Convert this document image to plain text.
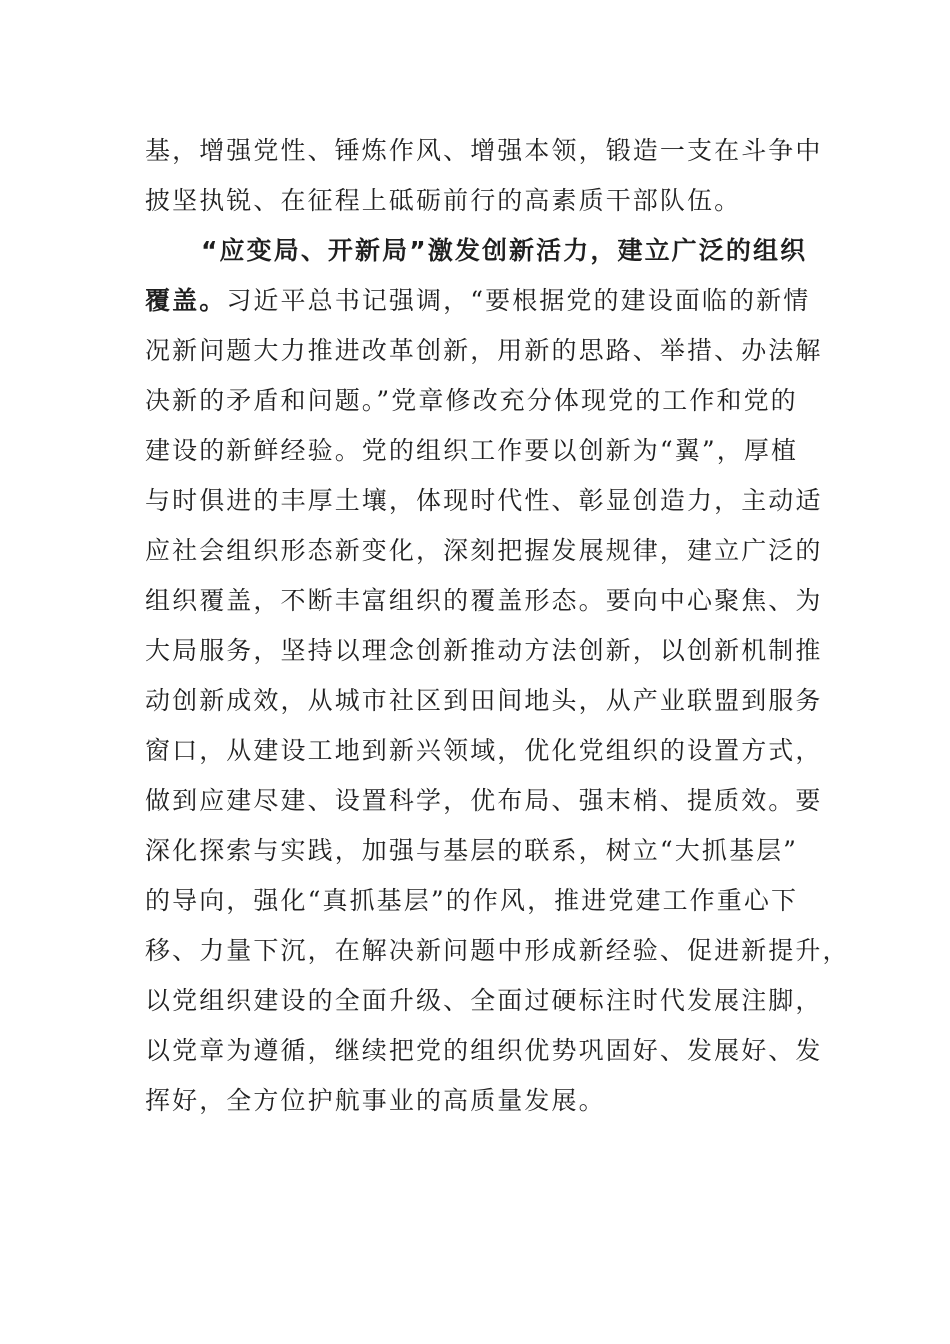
基，增强党性、锤炼作风、增强本领，锻造一支在斗争中
披坚执锐、在征程上砥砺前行的高素质干部队伍。
“应变局、开新局”激发创新活力，建立广泛的组织
覆盖。习近平总书记强调，“要根据党的建设面临的新情
况新问题大力推进改革创新，用新的思路、举措、办法解
决新的矛盾和问题。”党章修改充分体现党的工作和党的
建设的新鲜经验。党的组织工作要以创新为“翼”，厚植
与时俱进的丰厚土壤，体现时代性、彰显创造力，主动适
应社会组织形态新变化，深刻把握发展规律，建立广泛的
组织覆盖，不断丰富组织的覆盖形态。要向中心聚焦、为
大局服务，坚持以理念创新推动方法创新，以创新机制推
动创新成效，从城市社区到田间地头，从产业联盟到服务
窗口，从建设工地到新兴领域，优化党组织的设置方式，
做到应建尽建、设置科学，优布局、强末梢、提质效。要
深化探索与实践，加强与基层的联系，树立“大抓基层”
的导向，强化“真抓基层”的作风，推进党建工作重心下
移、力量下沉，在解决新问题中形成新经验、促进新提升，
以党组织建设的全面升级、全面过硬标注时代发展注脚，
以党章为遵循，继续把党的组织优势巩固好、发展好、发
挥好，全方位护航事业的高质量发展。
